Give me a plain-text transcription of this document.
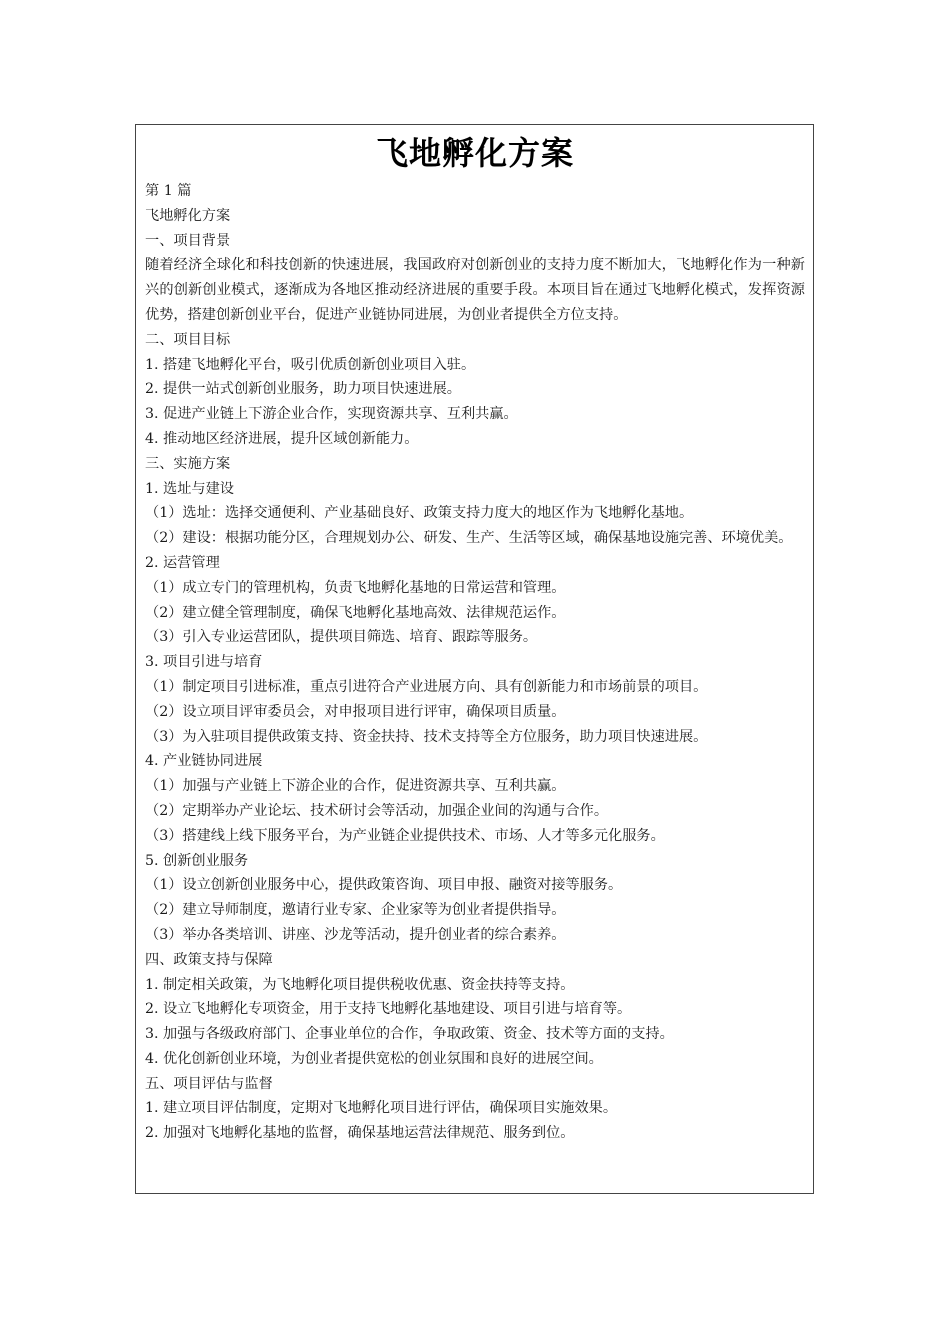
飞地孵化方案
第 1 篇
飞地孵化方案
一、项目背景
随着经济全球化和科技创新的快速进展，我国政府对创新创业的支持力度不断加大，飞地孵化作为一种新兴的创新创业模式，逐渐成为各地区推动经济进展的重要手段。本项目旨在通过飞地孵化模式，发挥资源优势，搭建创新创业平台，促进产业链协同进展，为创业者提供全方位支持。
二、项目目标
1. 搭建飞地孵化平台，吸引优质创新创业项目入驻。
2. 提供一站式创新创业服务，助力项目快速进展。
3. 促进产业链上下游企业合作，实现资源共享、互利共赢。
4. 推动地区经济进展，提升区域创新能力。
三、实施方案
1. 选址与建设
（1）选址：选择交通便利、产业基础良好、政策支持力度大的地区作为飞地孵化基地。
（2）建设：根据功能分区，合理规划办公、研发、生产、生活等区域，确保基地设施完善、环境优美。
2. 运营管理
（1）成立专门的管理机构，负责飞地孵化基地的日常运营和管理。
（2）建立健全管理制度，确保飞地孵化基地高效、法律规范运作。
（3）引入专业运营团队，提供项目筛选、培育、跟踪等服务。
3. 项目引进与培育
（1）制定项目引进标准，重点引进符合产业进展方向、具有创新能力和市场前景的项目。
（2）设立项目评审委员会，对申报项目进行评审，确保项目质量。
（3）为入驻项目提供政策支持、资金扶持、技术支持等全方位服务，助力项目快速进展。
4. 产业链协同进展
（1）加强与产业链上下游企业的合作，促进资源共享、互利共赢。
（2）定期举办产业论坛、技术研讨会等活动，加强企业间的沟通与合作。
（3）搭建线上线下服务平台，为产业链企业提供技术、市场、人才等多元化服务。
5. 创新创业服务
（1）设立创新创业服务中心，提供政策咨询、项目申报、融资对接等服务。
（2）建立导师制度，邀请行业专家、企业家等为创业者提供指导。
（3）举办各类培训、讲座、沙龙等活动，提升创业者的综合素养。
四、政策支持与保障
1. 制定相关政策，为飞地孵化项目提供税收优惠、资金扶持等支持。
2. 设立飞地孵化专项资金，用于支持飞地孵化基地建设、项目引进与培育等。
3. 加强与各级政府部门、企事业单位的合作，争取政策、资金、技术等方面的支持。
4. 优化创新创业环境，为创业者提供宽松的创业氛围和良好的进展空间。
五、项目评估与监督
1. 建立项目评估制度，定期对飞地孵化项目进行评估，确保项目实施效果。
2. 加强对飞地孵化基地的监督，确保基地运营法律规范、服务到位。
